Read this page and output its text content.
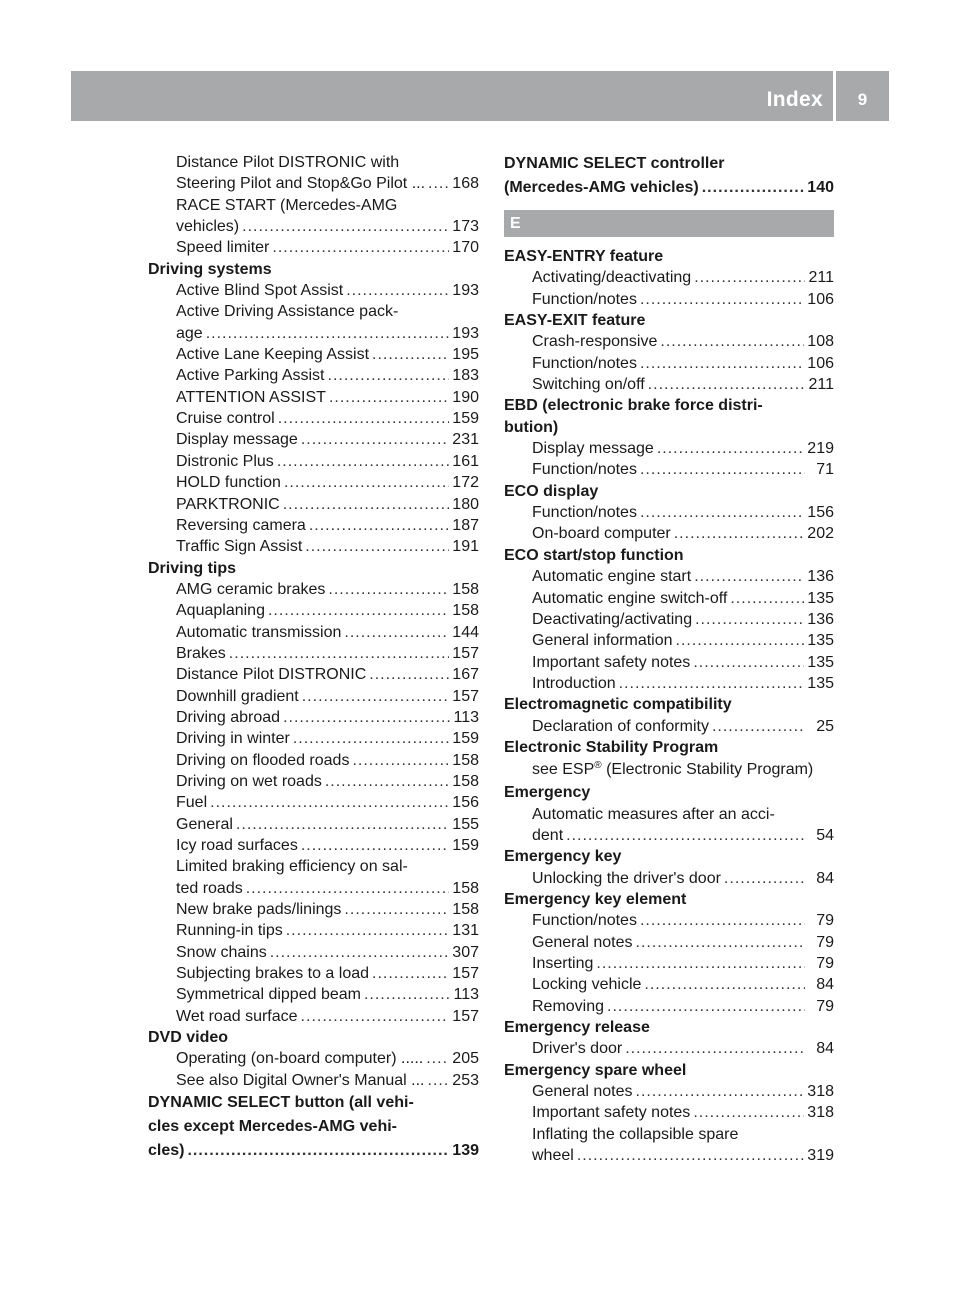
Index	9
Distance Pilot DISTRONIC with
Steering Pilot and Stop&Go Pilot ... ..... 168
RACE START (Mercedes-AMG
vehicles) .....	173
Speed limiter .....	170
Driving systems
Active Blind Spot Assist .....	193
Active Driving Assistance pack-
age .....	193
Active Lane Keeping Assist .....	195
Active Parking Assist .....	183
ATTENTION ASSIST .....	190
Cruise control .....	159
Display message .....	231
Distronic Plus .....	161
HOLD function .....	172
PARKTRONIC .....	180
Reversing camera .....	187
Traffic Sign Assist .....	191
Driving tips
AMG ceramic brakes .....	158
Aquaplaning .....	158
Automatic transmission .....	144
Brakes .....	157
Distance Pilot DISTRONIC .....	167
Downhill gradient .....	157
Driving abroad .....	113
Driving in winter .....	159
Driving on flooded roads .....	158
Driving on wet roads .....	158
Fuel .....	156
General .....	155
Icy road surfaces .....	159
Limited braking efficiency on sal-
ted roads .....	158
New brake pads/linings .....	158
Running-in tips .....	131
Snow chains .....	307
Subjecting brakes to a load .....	157
Symmetrical dipped beam .....	113
Wet road surface .....	157
DVD video
Operating (on-board computer) ..... ..... 205
See also Digital Owner's Manual ... ..... 253
DYNAMIC SELECT button (all vehi-
cles except Mercedes-AMG vehi-
cles) .....	139
DYNAMIC SELECT controller
(Mercedes-AMG vehicles) .....	140
E
EASY-ENTRY feature
Activating/deactivating .....	211
Function/notes .....	106
EASY-EXIT feature
Crash-responsive .....	108
Function/notes .....	106
Switching on/off .....	211
EBD (electronic brake force distri-
bution)
Display message .....	219
Function/notes .....	71
ECO display
Function/notes .....	156
On-board computer .....	202
ECO start/stop function
Automatic engine start .....	136
Automatic engine switch-off .....	135
Deactivating/activating .....	136
General information .....	135
Important safety notes .....	135
Introduction .....	135
Electromagnetic compatibility
Declaration of conformity .....	25
Electronic Stability Program
see ESP® (Electronic Stability Program)
Emergency
Automatic measures after an acci-
dent .....	54
Emergency key
Unlocking the driver's door .....	84
Emergency key element
Function/notes .....	79
General notes .....	79
Inserting .....	79
Locking vehicle .....	84
Removing .....	79
Emergency release
Driver's door .....	84
Emergency spare wheel
General notes .....	318
Important safety notes .....	318
Inflating the collapsible spare
wheel .....	319
